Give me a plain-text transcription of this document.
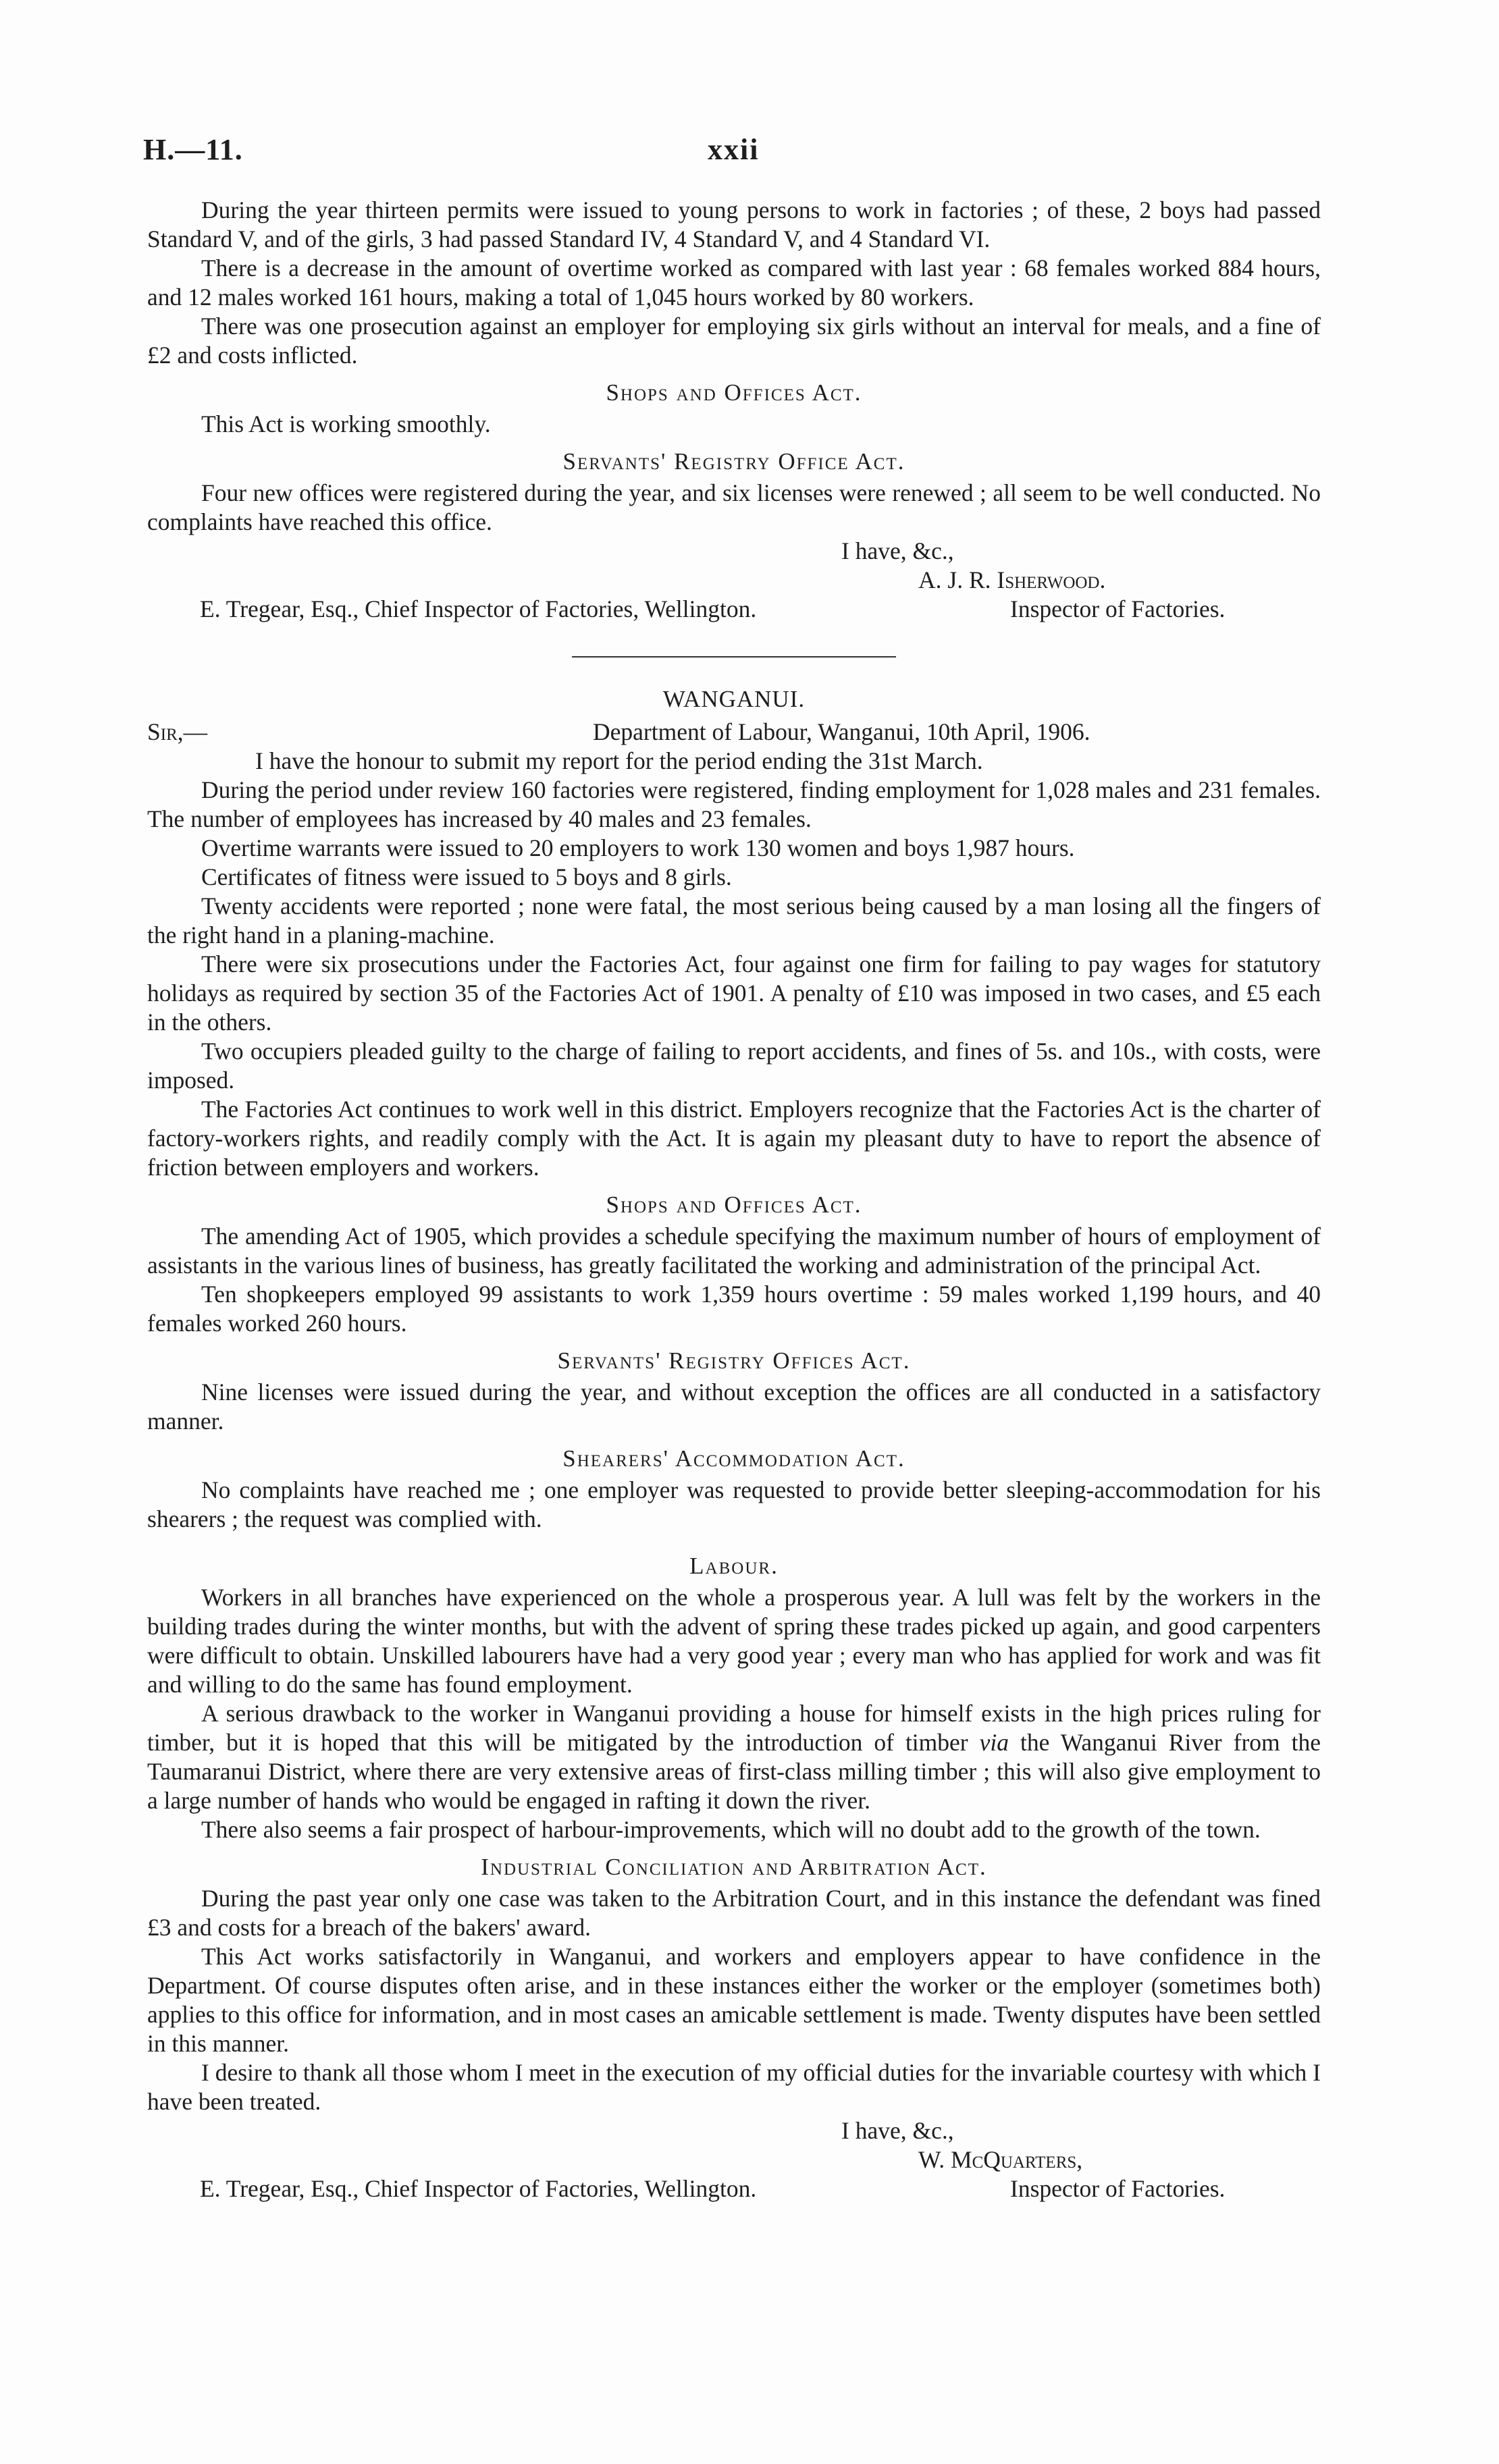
H.—11.	xxii

During the year thirteen permits were issued to young persons to work in factories ; of these, 2 boys had passed Standard V, and of the girls, 3 had passed Standard IV, 4 Standard V, and 4 Standard VI.

There is a decrease in the amount of overtime worked as compared with last year : 68 females worked 884 hours, and 12 males worked 161 hours, making a total of 1,045 hours worked by 80 workers.

There was one prosecution against an employer for employing six girls without an interval for meals, and a fine of £2 and costs inflicted.

Shops and Offices Act.

This Act is working smoothly.

Servants' Registry Office Act.

Four new offices were registered during the year, and six licenses were renewed ; all seem to be well conducted. No complaints have reached this office.

I have, &c.,

A. J. R. Isherwood.

E. Tregear, Esq., Chief Inspector of Factories, Wellington.	Inspector of Factories.
WANGANUI.
Sir,—	Department of Labour, Wanganui, 10th April, 1906.

I have the honour to submit my report for the period ending the 31st March.

During the period under review 160 factories were registered, finding employment for 1,028 males and 231 females. The number of employees has increased by 40 males and 23 females.

Overtime warrants were issued to 20 employers to work 130 women and boys 1,987 hours.

Certificates of fitness were issued to 5 boys and 8 girls.

Twenty accidents were reported ; none were fatal, the most serious being caused by a man losing all the fingers of the right hand in a planing-machine.

There were six prosecutions under the Factories Act, four against one firm for failing to pay wages for statutory holidays as required by section 35 of the Factories Act of 1901. A penalty of £10 was imposed in two cases, and £5 each in the others.

Two occupiers pleaded guilty to the charge of failing to report accidents, and fines of 5s. and 10s., with costs, were imposed.

The Factories Act continues to work well in this district. Employers recognize that the Factories Act is the charter of factory-workers rights, and readily comply with the Act. It is again my pleasant duty to have to report the absence of friction between employers and workers.

Shops and Offices Act.

The amending Act of 1905, which provides a schedule specifying the maximum number of hours of employment of assistants in the various lines of business, has greatly facilitated the working and administration of the principal Act.

Ten shopkeepers employed 99 assistants to work 1,359 hours overtime : 59 males worked 1,199 hours, and 40 females worked 260 hours.

Servants' Registry Offices Act.

Nine licenses were issued during the year, and without exception the offices are all conducted in a satisfactory manner.

Shearers' Accommodation Act.

No complaints have reached me ; one employer was requested to provide better sleeping-accommodation for his shearers ; the request was complied with.

Labour.

Workers in all branches have experienced on the whole a prosperous year. A lull was felt by the workers in the building trades during the winter months, but with the advent of spring these trades picked up again, and good carpenters were difficult to obtain. Unskilled labourers have had a very good year ; every man who has applied for work and was fit and willing to do the same has found employment.

A serious drawback to the worker in Wanganui providing a house for himself exists in the high prices ruling for timber, but it is hoped that this will be mitigated by the introduction of timber via the Wanganui River from the Taumaranui District, where there are very extensive areas of first-class milling timber ; this will also give employment to a large number of hands who would be engaged in rafting it down the river.

There also seems a fair prospect of harbour-improvements, which will no doubt add to the growth of the town.

Industrial Conciliation and Arbitration Act.

During the past year only one case was taken to the Arbitration Court, and in this instance the defendant was fined £3 and costs for a breach of the bakers' award.

This Act works satisfactorily in Wanganui, and workers and employers appear to have confidence in the Department. Of course disputes often arise, and in these instances either the worker or the employer (sometimes both) applies to this office for information, and in most cases an amicable settlement is made. Twenty disputes have been settled in this manner.

I desire to thank all those whom I meet in the execution of my official duties for the invariable courtesy with which I have been treated.

I have, &c.,

W. McQuarters,

E. Tregear, Esq., Chief Inspector of Factories, Wellington.	Inspector of Factories.
